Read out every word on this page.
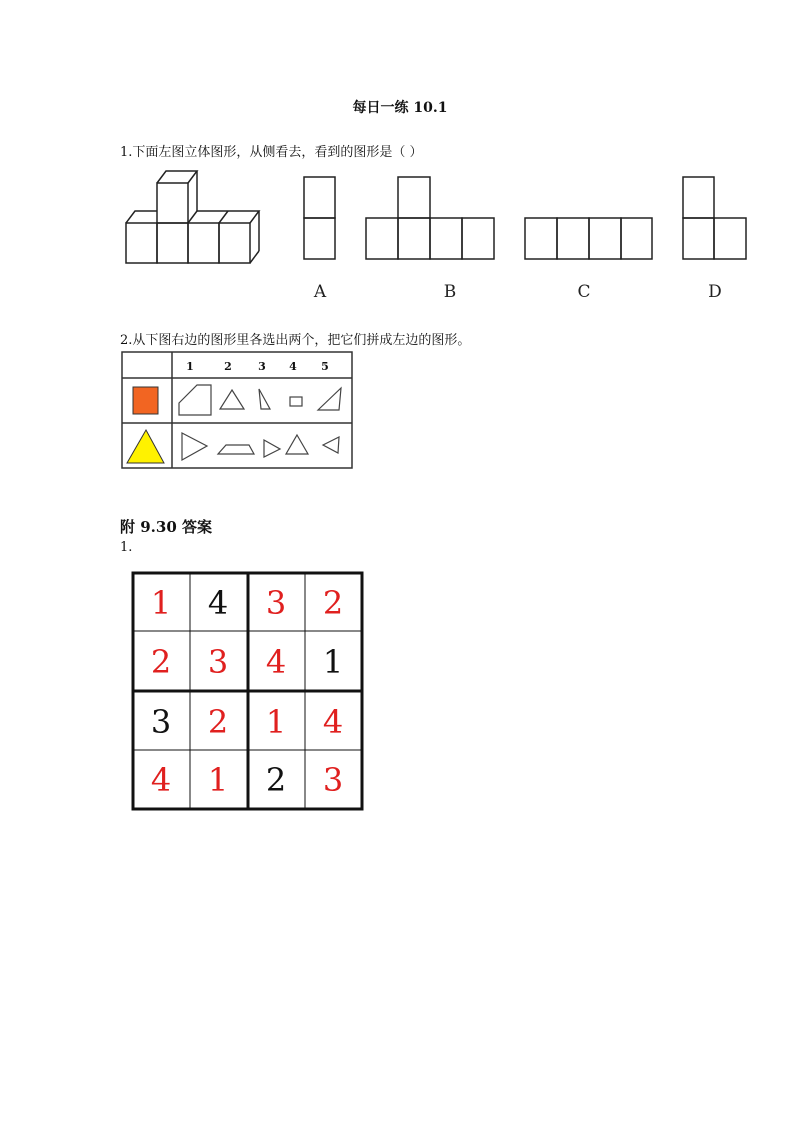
每日一练 10.1
1.下面左图立体图形，从侧看去，看到的图形是（ ）
A	B	C	D
2.从下图右边的图形里各选出两个，把它们拼成左边的图形。
1	2 3 4 5
附 9.30 答案
1.
1 4 3 2
2 3 4 1
3 2 1 4
4 1 2 3
